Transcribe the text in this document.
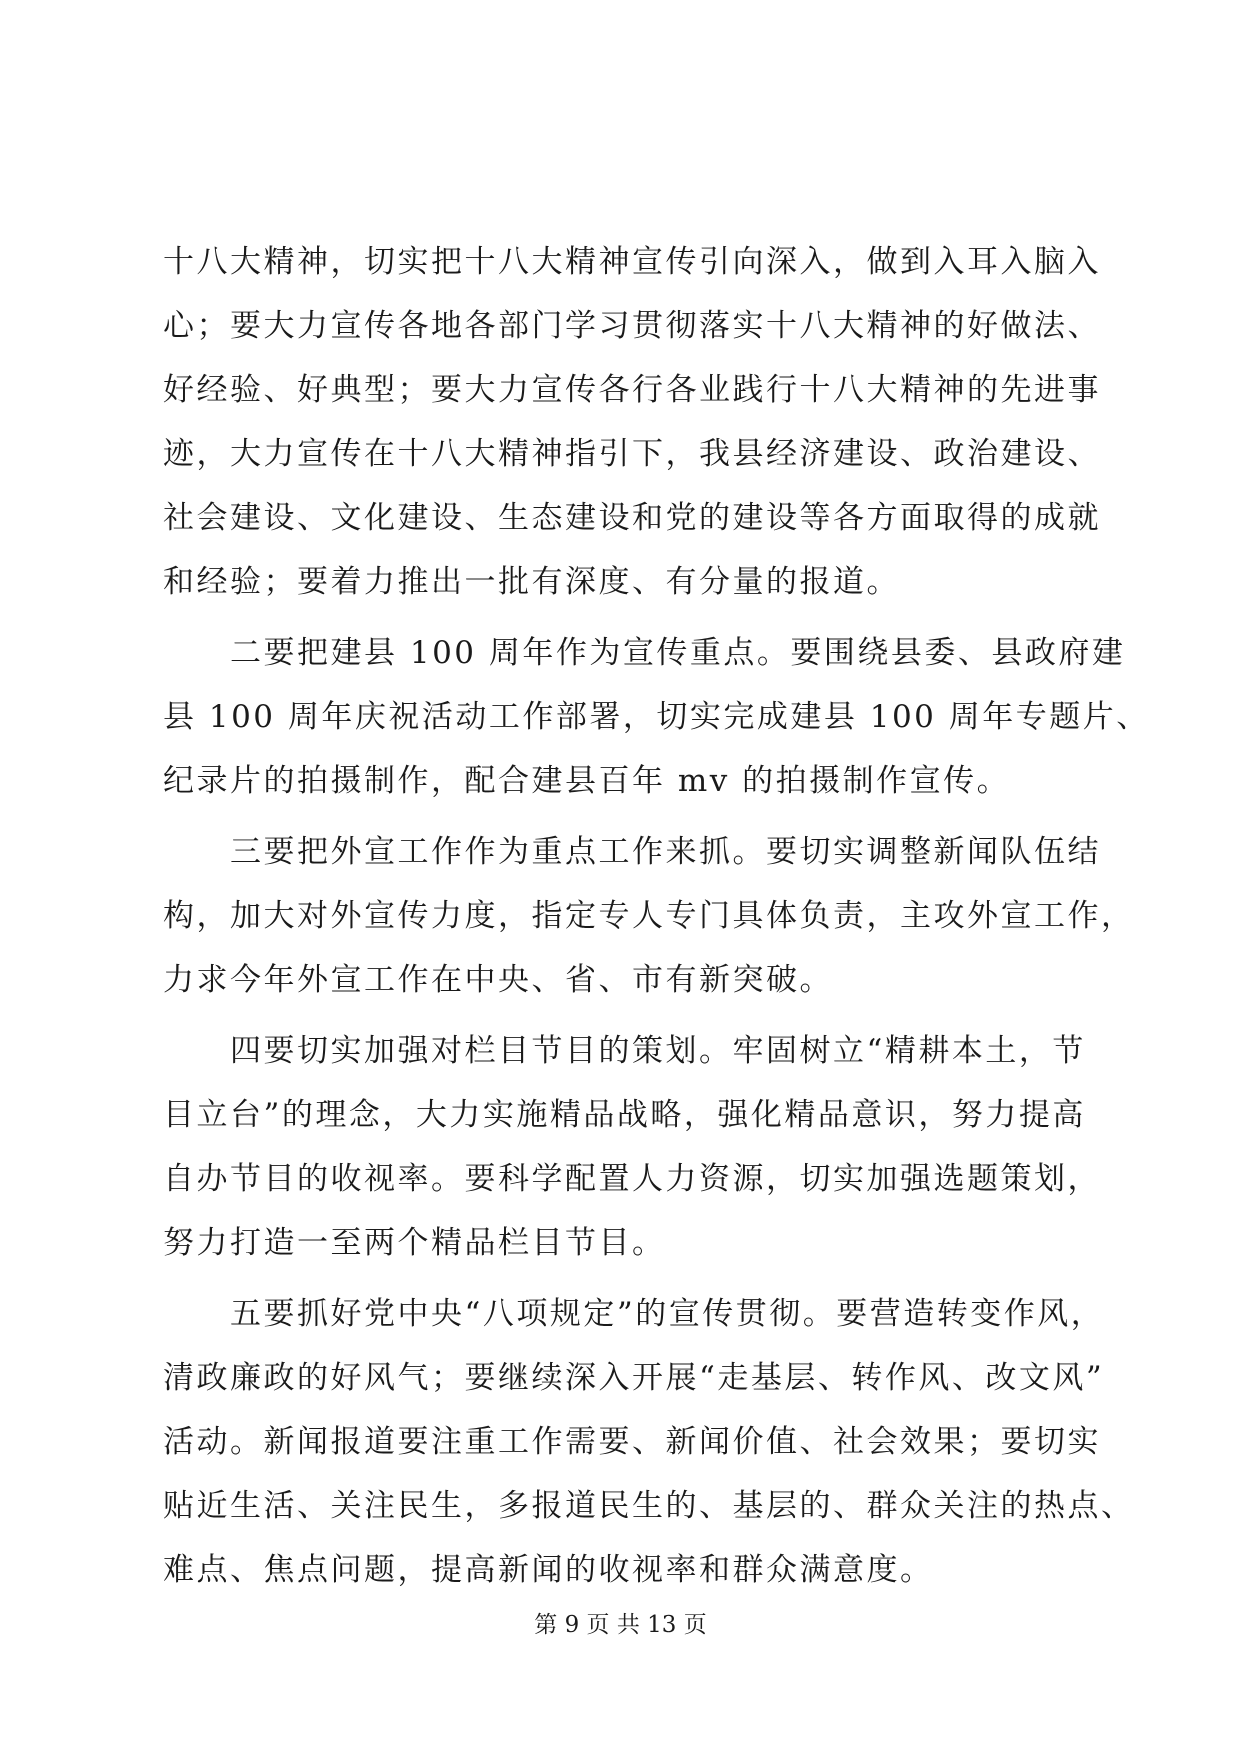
十八大精神，切实把十八大精神宣传引向深入，做到入耳入脑入
心；要大力宣传各地各部门学习贯彻落实十八大精神的好做法、
好经验、好典型；要大力宣传各行各业践行十八大精神的先进事
迹，大力宣传在十八大精神指引下，我县经济建设、政治建设、
社会建设、文化建设、生态建设和党的建设等各方面取得的成就
和经验；要着力推出一批有深度、有分量的报道。
　　二要把建县 100 周年作为宣传重点。要围绕县委、县政府建
县 100 周年庆祝活动工作部署，切实完成建县 100 周年专题片、
纪录片的拍摄制作，配合建县百年 mv 的拍摄制作宣传。
　　三要把外宣工作作为重点工作来抓。要切实调整新闻队伍结
构，加大对外宣传力度，指定专人专门具体负责，主攻外宣工作，
力求今年外宣工作在中央、省、市有新突破。
　　四要切实加强对栏目节目的策划。牢固树立“精耕本土，节
目立台”的理念，大力实施精品战略，强化精品意识，努力提高
自办节目的收视率。要科学配置人力资源，切实加强选题策划，
努力打造一至两个精品栏目节目。
　　五要抓好党中央“八项规定”的宣传贯彻。要营造转变作风，
清政廉政的好风气；要继续深入开展“走基层、转作风、改文风”
活动。新闻报道要注重工作需要、新闻价值、社会效果；要切实
贴近生活、关注民生，多报道民生的、基层的、群众关注的热点、
难点、焦点问题，提高新闻的收视率和群众满意度。
第 9 页 共 13 页
